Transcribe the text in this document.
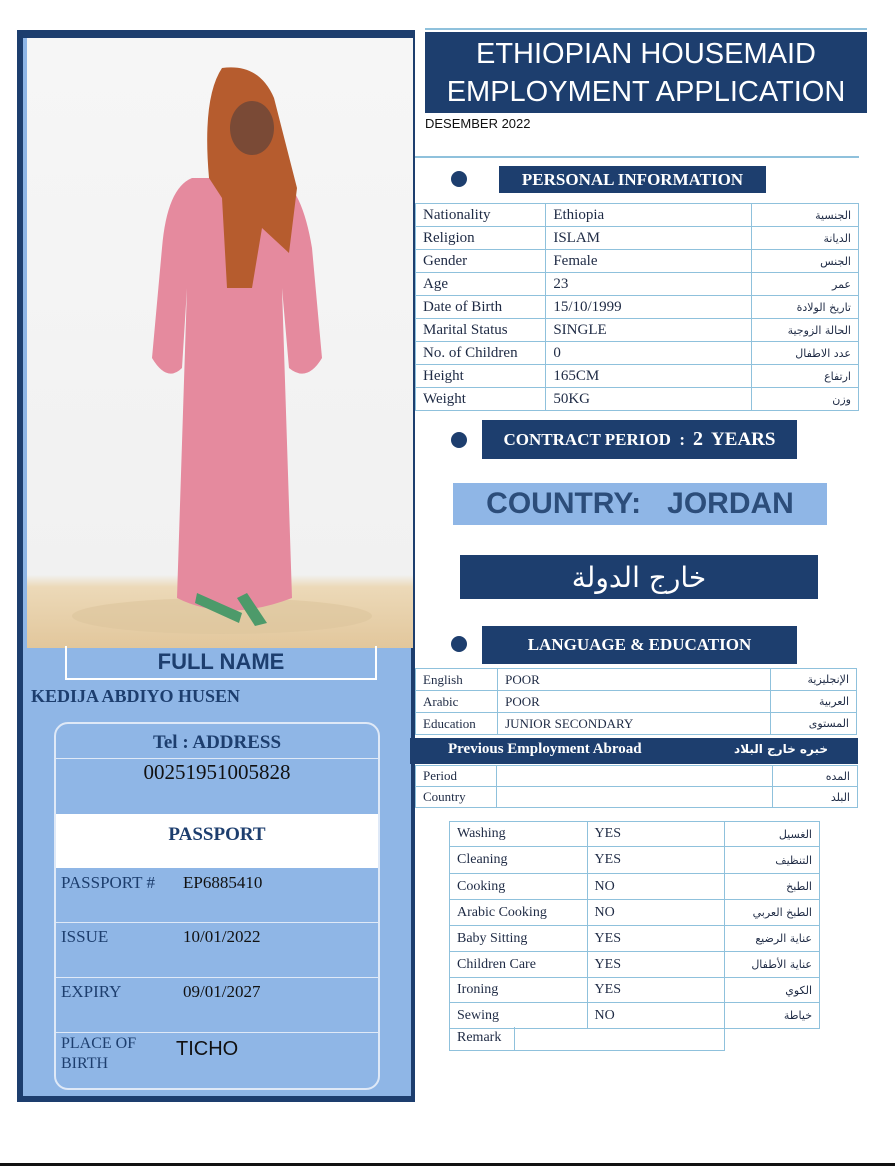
FULL NAME
KEDIJA ABDIYO HUSEN
Tel : ADDRESS
00251951005828
PASSPORT
PASSPORT # EP6885410
ISSUE	10/01/2022
EXPIRY	09/01/2027
PLACE OF
BIRTH
TICHO
ETHIOPIAN HOUSEMAID
EMPLOYMENT APPLICATION
DESEMBER 2022
PERSONAL INFORMATION
Nationality	Ethiopia	الجنسية
Religion	ISLAM	الديانة
Gender	Female	الجنس
Age	23	عمر
Date of Birth	15/10/1999	تاريخ الولادة
Marital Status	SINGLE	الحالة الزوجية
No. of Children	0	عدد الاطفال
Height	165CM	ارتفاع
Weight	50KG	وزن
CONTRACT PERIOD  : 2 YEARS
COUNTRY: JORDAN
خارج الدولة
LANGUAGE & EDUCATION
English	POOR	الإنجليزية
Arabic	POOR	العربية
Education	JUNIOR SECONDARY	المستوى
Previous Employment Abroad	خبره خارج البلاد
Period		المده
Country		البلد
Washing	YES	الغسيل
Cleaning	YES	التنظيف
Cooking	NO	الطبخ
Arabic Cooking	NO	الطبخ العربي
Baby Sitting	YES	عناية الرضيع
Children Care	YES	عناية الأطفال
Ironing	YES	الكوي
Sewing	NO	خياطة
Remark
